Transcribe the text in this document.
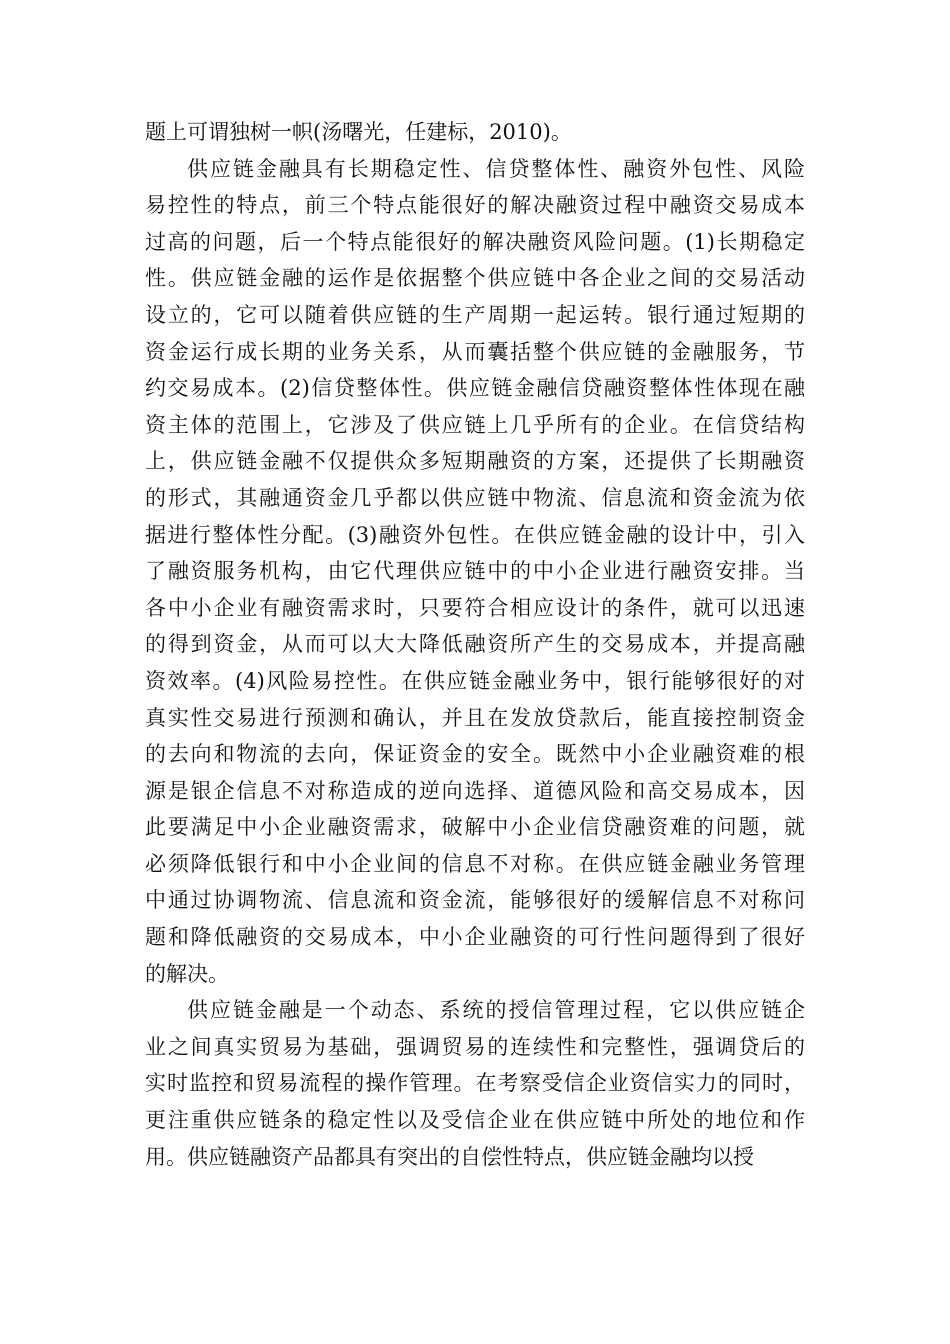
题上可谓独树一帜(汤曙光，任建标，2010)。
供应链金融具有长期稳定性、信贷整体性、融资外包性、风险
易控性的特点，前三个特点能很好的解决融资过程中融资交易成本
过高的问题，后一个特点能很好的解决融资风险问题。(1)长期稳定
性。供应链金融的运作是依据整个供应链中各企业之间的交易活动
设立的，它可以随着供应链的生产周期一起运转。银行通过短期的
资金运行成长期的业务关系，从而囊括整个供应链的金融服务，节
约交易成本。(2)信贷整体性。供应链金融信贷融资整体性体现在融
资主体的范围上，它涉及了供应链上几乎所有的企业。在信贷结构
上，供应链金融不仅提供众多短期融资的方案，还提供了长期融资
的形式，其融通资金几乎都以供应链中物流、信息流和资金流为依
据进行整体性分配。(3)融资外包性。在供应链金融的设计中，引入
了融资服务机构，由它代理供应链中的中小企业进行融资安排。当
各中小企业有融资需求时，只要符合相应设计的条件，就可以迅速
的得到资金，从而可以大大降低融资所产生的交易成本，并提高融
资效率。(4)风险易控性。在供应链金融业务中，银行能够很好的对
真实性交易进行预测和确认，并且在发放贷款后，能直接控制资金
的去向和物流的去向，保证资金的安全。既然中小企业融资难的根
源是银企信息不对称造成的逆向选择、道德风险和高交易成本，因
此要满足中小企业融资需求，破解中小企业信贷融资难的问题，就
必须降低银行和中小企业间的信息不对称。在供应链金融业务管理
中通过协调物流、信息流和资金流，能够很好的缓解信息不对称问
题和降低融资的交易成本，中小企业融资的可行性问题得到了很好
的解决。
供应链金融是一个动态、系统的授信管理过程，它以供应链企
业之间真实贸易为基础，强调贸易的连续性和完整性，强调贷后的
实时监控和贸易流程的操作管理。在考察受信企业资信实力的同时，
更注重供应链条的稳定性以及受信企业在供应链中所处的地位和作
用。供应链融资产品都具有突出的自偿性特点，供应链金融均以授
